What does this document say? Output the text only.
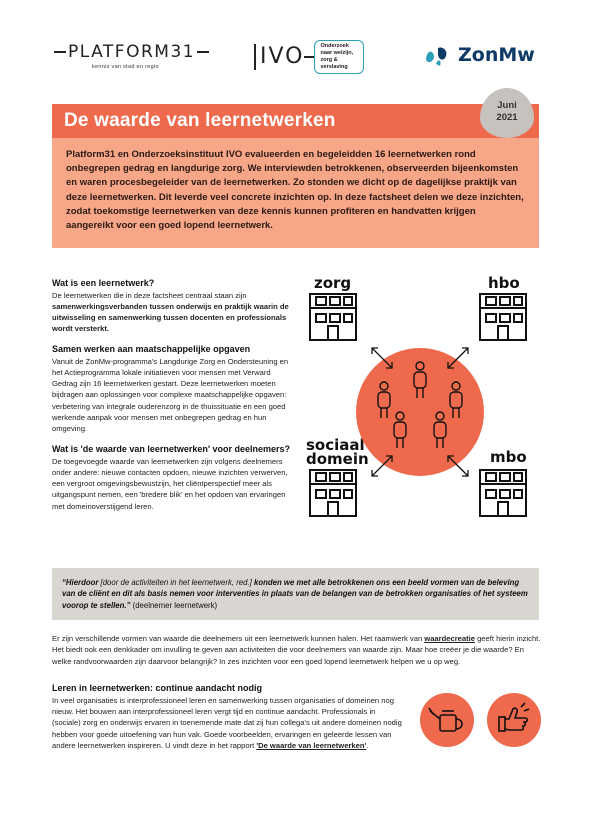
PLATFORM31
kennis van stad en regio	IVO	Onderzoek
naar welzijn,
zorg &
verslaving
ZonMw
De waarde van leernetwerken
Juni
2021

Platform31 en Onderzoeksinstituut IVO evalueerden en begeleidden 16 leernetwerken rond onbegrepen gedrag en langdurige zorg. We interviewden betrokkenen, observeerden bijeenkomsten en waren procesbegeleider van de leernetwerken. Zo stonden we dicht op de dagelijkse praktijk van deze leernetwerken. Dit leverde veel concrete inzichten op. In deze factsheet delen we deze inzichten, zodat toekomstige leernetwerken van deze kennis kunnen profiteren en handvatten krijgen aangereikt voor een goed lopend leernetwerk.

Wat is een leernetwerk?

De leernetwerken die in deze factsheet centraal staan zijn samenwerkingsverbanden tussen onderwijs en praktijk waarin de uitwisseling en samenwerking tussen docenten en professionals wordt versterkt.

Samen werken aan maatschappelijke opgaven

Vanuit de ZonMw-programma’s Langdurige Zorg en Ondersteuning en het Actieprogramma lokale initiatieven voor mensen met Verward Gedrag zijn 16 leernetwerken gestart. Deze leernetwerken moeten bijdragen aan oplossingen voor complexe maatschappelijke opgaven: verbetering van integrale ouderenzorg in de thuissituatie en een goed werkende aanpak voor mensen met onbegrepen gedrag en hun omgeving.

Wat is 'de waarde van leernetwerken' voor deelnemers?

De toegevoegde waarde van leernetwerken zijn volgens deelnemers onder andere: nieuwe contacten opdoen, nieuwe inzichten verwerven, een vergroot omgevingsbewustzijn, het cliëntperspectief meer als uitgangspunt nemen, een 'bredere blik' en het opdoen van ervaringen met domeinoverstijgend leren.

zorg	hbo
sociaal
domein	mbo

“Hierdoor [door de activiteiten in het leernetwerk, red.] konden we met alle betrokkenen ons een beeld vormen van de beleving van de cliënt en dit als basis nemen voor interventies in plaats van de belangen van de betrokken organisaties of het systeem voorop te stellen.” (deelnemer leernetwerk)

Er zijn verschillende vormen van waarde die deelnemers uit een leernetwerk kunnen halen. Het raamwerk van waardecreatie geeft hierin inzicht. Het biedt ook een denkkader om invulling te geven aan activiteiten die voor deelnemers van waarde zijn. Maar hoe creëer je die waarde? En welke randvoorwaarden zijn daarvoor belangrijk? In zes inzichten voor een goed lopend leernetwerk helpen we u op weg.

Leren in leernetwerken: continue aandacht nodig

In veel organisaties is interprofessioneel leren en samenwerking tussen organisaties of domeinen nog nieuw. Het bouwen aan interprofessioneel leren vergt tijd en continue aandacht. Professionals in (sociale) zorg en onderwijs ervaren in toenemende mate dat zij hun collega’s uit andere domeinen nodig hebben voor goede uitoefening van hun vak. Goede voorbeelden, ervaringen en geleerde lessen van andere leernetwerken inspireren. U vindt deze in het rapport 'De waarde van leernetwerken'.
